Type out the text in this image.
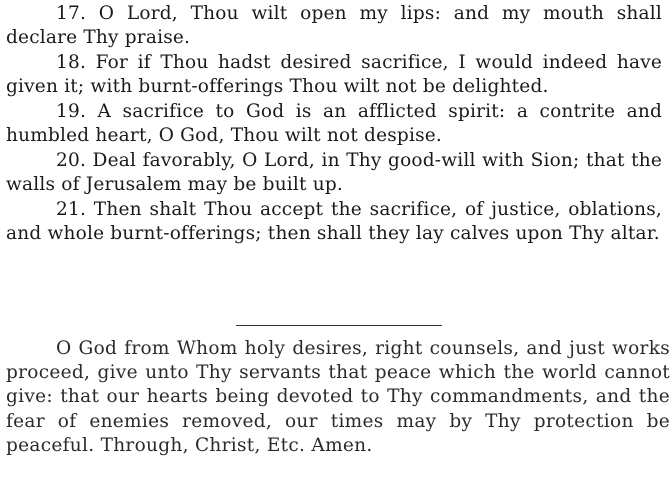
17. O Lord, Thou wilt open my lips: and my mouth shall declare Thy praise.

18. For if Thou hadst desired sacrifice, I would indeed have given it; with burnt-offerings Thou wilt not be delighted.

19. A sacrifice to God is an afflicted spirit: a contrite and humbled heart, O God, Thou wilt not despise.

20. Deal favorably, O Lord, in Thy good-will with Sion; that the walls of Jerusalem may be built up.

21. Then shalt Thou accept the sacrifice, of justice, oblations, and whole burnt-offerings; then shall they lay calves upon Thy altar.

O God from Whom holy desires, right counsels, and just works proceed, give unto Thy servants that peace which the world cannot give: that our hearts being devoted to Thy commandments, and the fear of enemies removed, our times may by Thy protection be peaceful. Through, Christ, Etc. Amen.
